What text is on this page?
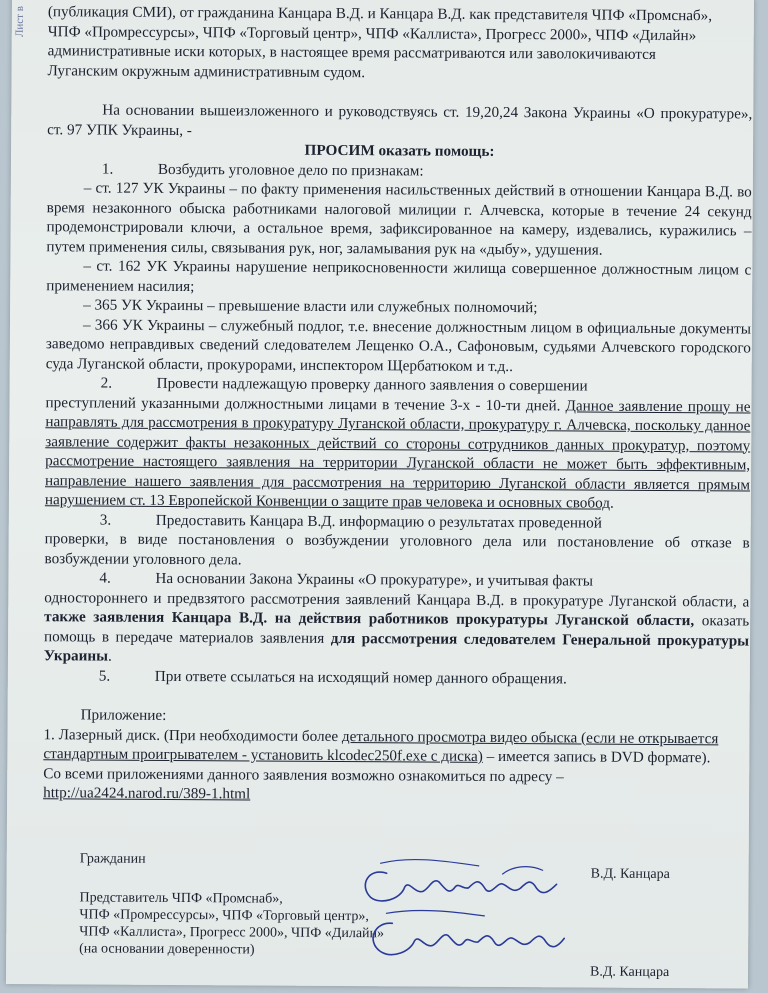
Лист в	(публикация СМИ), от гражданина Канцара В.Д. и Канцара В.Д. как представителя ЧПФ «Промснаб»,

ЧПФ «Промрессурсы», ЧПФ «Торговый центр», ЧПФ «Каллиста», Прогресс 2000», ЧПФ «Дилайн»

административные иски которых, в настоящее время рассматриваются или заволокичиваются

Луганским окружным административным судом.

На основании вышеизложенного и руководствуясь ст. 19,20,24 Закона Украины «О прокуратуре», ст. 97 УПК Украины, -

ПРОСИМ оказать помощь:

1.	Возбудить уголовное дело по признакам:

– ст. 127 УК Украины – по факту применения насильственных действий в отношении Канцара В.Д. во время незаконного обыска работниками налоговой милиции г. Алчевска, которые в течение 24 секунд продемонстрировали ключи, а остальное время, зафиксированное на камеру, издевались, куражились – путем применения силы, связывания рук, ног, заламывания рук на «дыбу», удушения.

– ст. 162 УК Украины нарушение неприкосновенности жилища совершенное должностным лицом с применением насилия;

– 365 УК Украины – превышение власти или служебных полномочий;

– 366 УК Украины – служебный подлог, т.е. внесение должностным лицом в официальные документы заведомо неправдивых сведений следователем Лещенко О.А., Сафоновым, судьями Алчевского городского суда Луганской области, прокурорами, инспектором Щербатюком и т.д..

2.	Провести надлежащую проверку данного заявления о совершении

преступлений указанными должностными лицами в течение 3-х - 10-ти дней. Данное заявление прошу не направлять для рассмотрения в прокуратуру Луганской области, прокуратуру г. Алчевска, поскольку данное заявление содержит факты незаконных действий со стороны сотрудников данных прокуратур, поэтому рассмотрение настоящего заявления на территории Луганской области не может быть эффективным, направление нашего заявления для рассмотрения на территорию Луганской области является прямым нарушением ст. 13 Европейской Конвенции о защите прав человека и основных свобод.

3.	Предоставить Канцара В.Д. информацию о результатах проведенной

проверки, в виде постановления о возбуждении уголовного дела или постановление об отказе в возбуждении уголовного дела.

4.	На основании Закона Украины «О прокуратуре», и учитывая факты

одностороннего и предвзятого рассмотрения заявлений Канцара В.Д. в прокуратуре Луганской области, а также заявления Канцара В.Д. на действия работников прокуратуры Луганской области, оказать помощь в передаче материалов заявления для рассмотрения следователем Генеральной прокуратуры Украины.

5.	При ответе ссылаться на исходящий номер данного обращения.

Приложение:

1. Лазерный диск. (При необходимости более детального просмотра видео обыска (если не открывается стандартным проигрывателем - установить klcodec250f.exe с диска) – имеется запись в DVD формате).

Со всеми приложениями данного заявления возможно ознакомиться по адресу –

http://ua2424.narod.ru/389-1.html

Гражданин
В.Д. Канцара
Представитель ЧПФ «Промснаб»,
ЧПФ «Промрессурсы», ЧПФ «Торговый центр»,
ЧПФ «Каллиста», Прогресс 2000», ЧПФ «Дилайн»
(на основании доверенности)
В.Д. Канцара
